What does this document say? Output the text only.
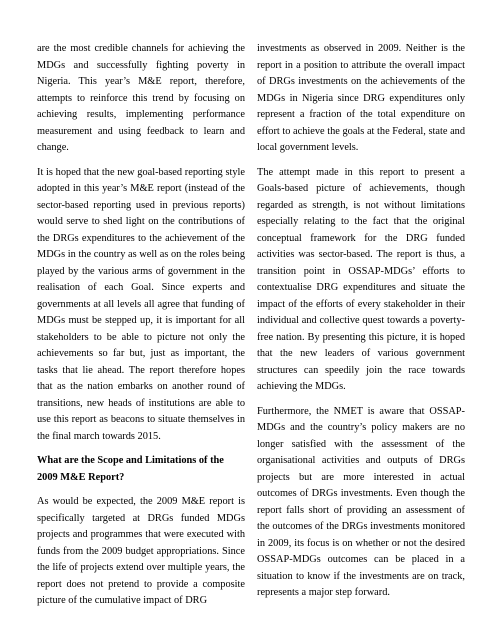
are the most credible channels for achieving the MDGs and successfully fighting poverty in Nigeria. This year’s M&E report, therefore, attempts to reinforce this trend by focusing on achieving results, implementing performance measurement and using feedback to learn and change.

It is hoped that the new goal-based reporting style adopted in this year’s M&E report (instead of the sector-based reporting used in previous reports) would serve to shed light on the contributions of the DRGs expenditures to the achievement of the MDGs in the country as well as on the roles being played by the various arms of government in the realisation of each Goal. Since experts and governments at all levels all agree that funding of MDGs must be stepped up, it is important for all stakeholders to be able to picture not only the achievements so far but, just as important, the tasks that lie ahead. The report therefore hopes that as the nation embarks on another round of transitions, new heads of institutions are able to use this report as beacons to situate themselves in the final march towards 2015.

What are the Scope and Limitations of the 2009 M&E Report?

As would be expected, the 2009 M&E report is specifically targeted at DRGs funded MDGs projects and programmes that were executed with funds from the 2009 budget appropriations. Since the life of projects extend over multiple years, the report does not pretend to provide a composite picture of the cumulative impact of DRG

investments as observed in 2009. Neither is the report in a position to attribute the overall impact of DRGs investments on the achievements of the MDGs in Nigeria since DRG expenditures only represent a fraction of the total expenditure on effort to achieve the goals at the Federal, state and local government levels.

The attempt made in this report to present a Goals-based picture of achievements, though regarded as strength, is not without limitations especially relating to the fact that the original conceptual framework for the DRG funded activities was sector-based. The report is thus, a transition point in OSSAP-MDGs’ efforts to contextualise DRG expenditures and situate the impact of the efforts of every stakeholder in their individual and collective quest towards a poverty-free nation. By presenting this picture, it is hoped that the new leaders of various government structures can speedily join the race towards achieving the MDGs.

Furthermore, the NMET is aware that OSSAP-MDGs and the country’s policy makers are no longer satisfied with the assessment of the organisational activities and outputs of DRGs projects but are more interested in actual outcomes of DRGs investments. Even though the report falls short of providing an assessment of the outcomes of the DRGs investments monitored in 2009, its focus is on whether or not the desired OSSAP-MDGs outcomes can be placed in a situation to know if the investments are on track, represents a major step forward.
